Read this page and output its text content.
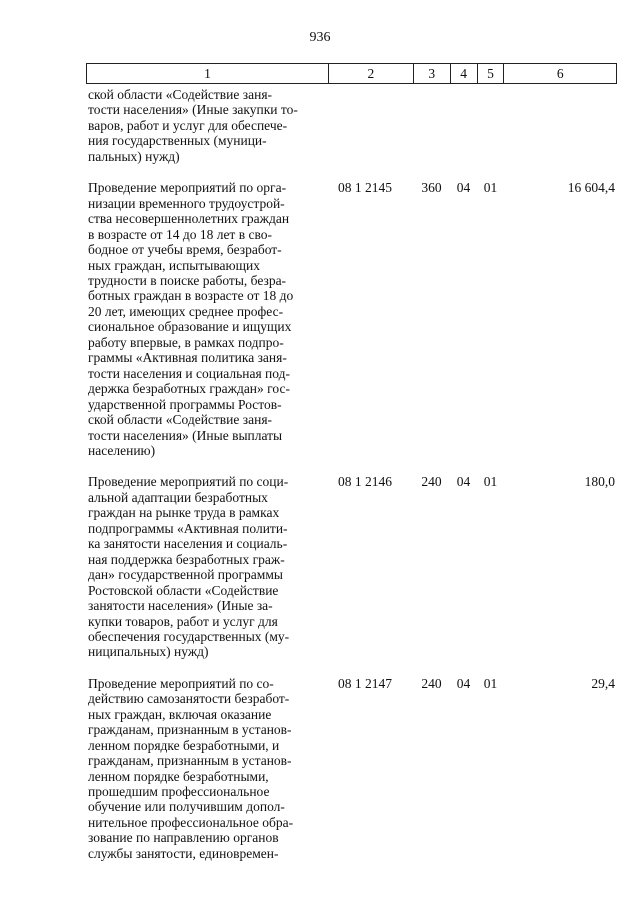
936
1	2	3	4	5	6
ской области «Содействие заня-
тости населения» (Иные закупки то-
варов, работ и услуг для обеспече-
ния государственных (муници-
пальных) нужд)
Проведение мероприятий по орга-
низации временного трудоустрой-
ства несовершеннолетних граждан
в возрасте от 14 до 18 лет в сво-
бодное от учебы время, безработ-
ных граждан, испытывающих
трудности в поиске работы, безра-
ботных граждан в возрасте от 18 до
20 лет, имеющих среднее профес-
сиональное образование и ищущих
работу впервые, в рамках подпро-
граммы «Активная политика заня-
тости населения и социальная под-
держка безработных граждан» гос-
ударственной программы Ростов-
ской области «Содействие заня-
тости населения» (Иные выплаты
населению)
08 1 2145	360	04	01	16 604,4
Проведение мероприятий по соци-
альной адаптации безработных
граждан на рынке труда в рамках
подпрограммы «Активная полити-
ка занятости населения и социаль-
ная поддержка безработных граж-
дан» государственной программы
Ростовской области «Содействие
занятости населения» (Иные за-
купки товаров, работ и услуг для
обеспечения государственных (му-
ниципальных) нужд)
08 1 2146	240	04	01	180,0
Проведение мероприятий по со-
действию самозанятости безработ-
ных граждан, включая оказание
гражданам, признанным в установ-
ленном порядке безработными, и
гражданам, признанным в установ-
ленном порядке безработными,
прошедшим профессиональное
обучение или получившим допол-
нительное профессиональное обра-
зование по направлению органов
службы занятости, единовремен-
08 1 2147	240	04	01	29,4
